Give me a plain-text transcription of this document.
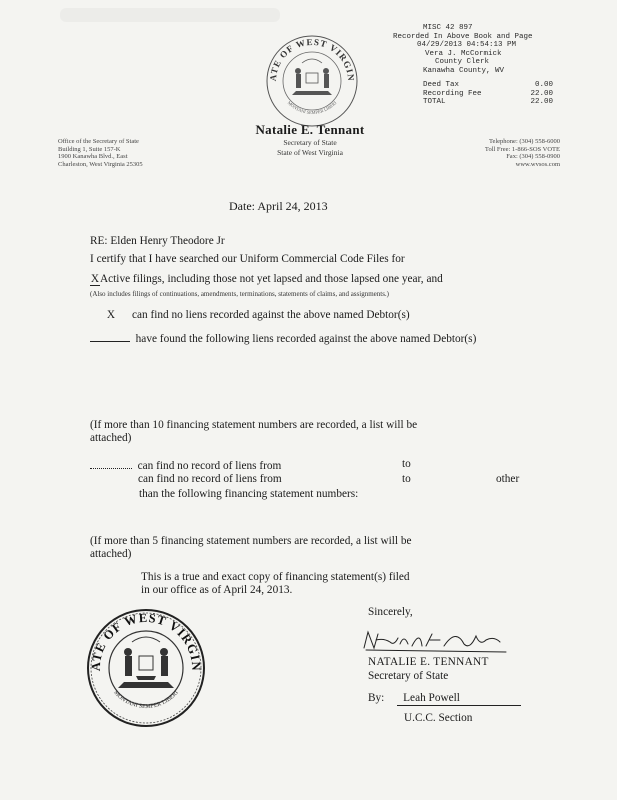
ATE OF WEST VIRGIN
MONTANI SEMPER LIBERI
MISC 42 897
Recorded In Above Book and Page
04/29/2013 04:54:13 PM
Vera J. McCormick
County Clerk
Kanawha County, WV
Deed Tax	0.00
Recording Fee	22.00
TOTAL	22.00
Natalie E. Tennant
Secretary of State
State of West Virginia
Office of the Secretary of State
Building 1, Suite 157-K
1900 Kanawha Blvd., East
Charleston, West Virginia 25305
Telephone: (304) 558-6000
Toll Free: 1-866-SOS VOTE
Fax: (304) 558-0900
www.wvsos.com
Date: April 24, 2013
RE: Elden Henry Theodore Jr
I certify that I have searched our Uniform Commercial Code Files for
XActive filings, including those not yet lapsed and those lapsed one year, and
(Also includes filings of continuations, amendments, terminations, statements of claims, and assignments.)
X can find no liens recorded against the above named Debtor(s)
have found the following liens recorded against the above named Debtor(s)
(If more than 10 financing statement numbers are recorded, a list will be attached)
can find no record of liens from	to
can find no record of liens from	to	other
than the following financing statement numbers:
(If more than 5 financing statement numbers are recorded, a list will be attached)
This is a true and exact copy of financing statement(s) filed
in our office as of April 24, 2013.
Sincerely,
NATALIE E. TENNANT
Secretary of State
By: Leah Powell
U.C.C. Section
ATE OF WEST VIRGIN
MONTANI SEMPER LIBERI
